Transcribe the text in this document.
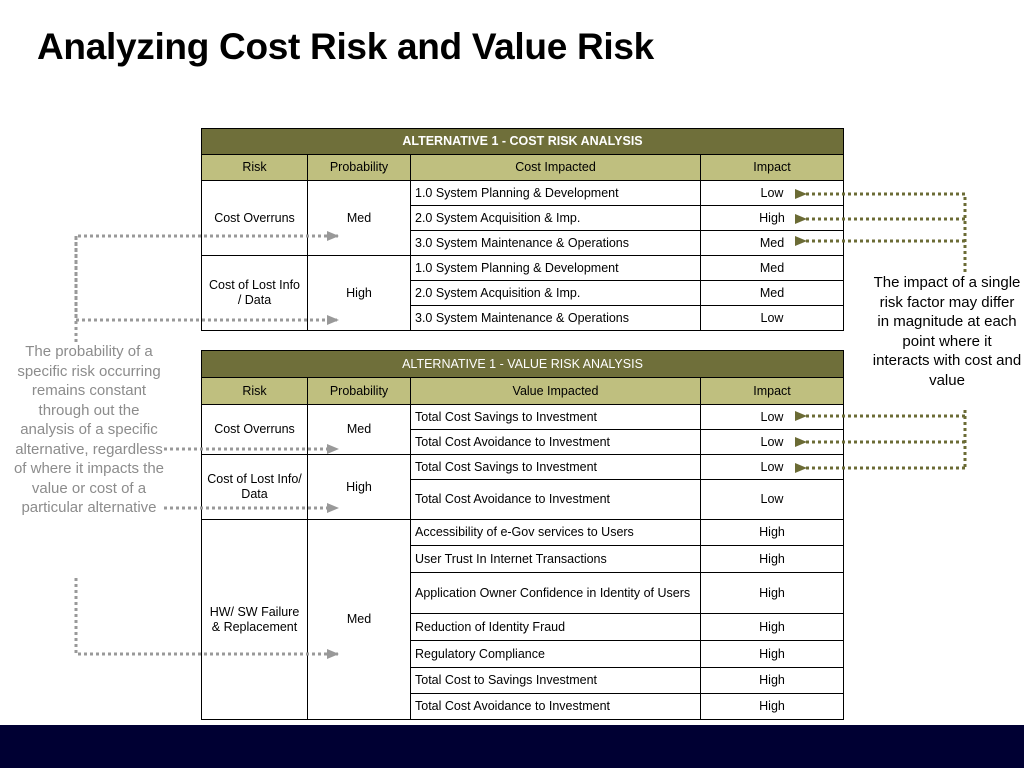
Analyzing Cost Risk and Value Risk
ALTERNATIVE 1 - COST RISK ANALYSIS			
Risk	Probability	Cost Impacted	Impact
Cost Overruns	Med	1.0 System Planning & Development	Low
		2.0 System Acquisition & Imp.	High
		3.0 System Maintenance & Operations	Med
Cost of Lost Info / Data	High	1.0 System Planning & Development	Med
		2.0 System Acquisition & Imp.	Med
		3.0 System Maintenance & Operations	Low
ALTERNATIVE 1 - VALUE RISK ANALYSIS			
Risk	Probability	Value Impacted	Impact
Cost Overruns	Med	Total Cost Savings to Investment	Low
		Total Cost Avoidance to Investment	Low
Cost of Lost Info/ Data	High	Total Cost Savings to Investment	Low
		Total Cost Avoidance to Investment	Low
HW/ SW Failure & Replacement	Med	Accessibility of e-Gov services to Users	High
		User Trust In Internet Transactions	High
		Application Owner Confidence in Identity of Users	High
		Reduction of Identity Fraud	High
		Regulatory Compliance	High
		Total Cost to Savings Investment	High
		Total Cost Avoidance to Investment	High
The probability of a specific risk occurring remains constant through out the analysis of a specific alternative, regardless of where it impacts the value or cost of a particular alternative
The impact of a single risk factor may differ in magnitude at each point where it interacts with cost and value
